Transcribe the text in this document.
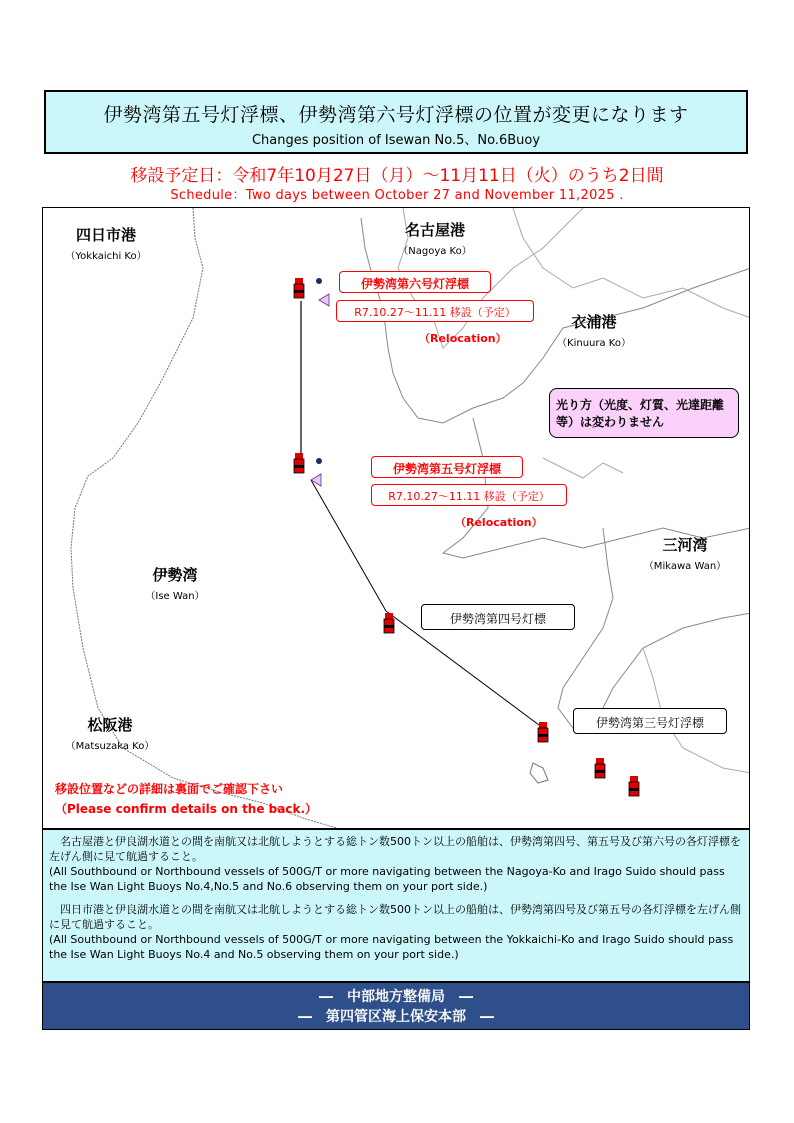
伊勢湾第五号灯浮標、伊勢湾第六号灯浮標の位置が変更になります
Changes position of Isewan No.5、No.6Buoy
移設予定日：令和7年10月27日（月）～11月11日（火）のうち2日間
Schedule：Two days between October 27 and November 11,2025 .
四日市港
（Yokkaichi Ko）
名古屋港
（Nagoya Ko）
衣浦港
（Kinuura Ko）
伊勢湾
（Ise Wan）
三河湾
（Mikawa Wan）
松阪港
（Matsuzaka Ko）
伊勢湾第六号灯浮標
R7.10.27～11.11 移設（予定）
（Relocation）
伊勢湾第五号灯浮標
R7.10.27～11.11 移設（予定）
（Relocation）
光り方（光度、灯質、光達距離等）は変わりません
伊勢湾第四号灯標
伊勢湾第三号灯浮標
移設位置などの詳細は裏面でご確認下さい
（Please confirm details on the back.）

　名古屋港と伊良湖水道との間を南航又は北航しようとする総トン数500トン以上の船舶は、伊勢湾第四号、第五号及び第六号の各灯浮標を左げん側に見て航過すること。

(All Southbound or Northbound vessels of 500G/T or more navigating between the Nagoya-Ko and Irago Suido should pass the Ise Wan Light Buoys No.4,No.5 and No.6 observing them on your port side.)

　四日市港と伊良湖水道との間を南航又は北航しようとする総トン数500トン以上の船舶は、伊勢湾第四号及び第五号の各灯浮標を左げん側に見て航過すること。

(All Southbound or Northbound vessels of 500G/T or more navigating between the Yokkaichi-Ko and Irago Suido should pass the Ise Wan Light Buoys No.4 and No.5 observing them on your port side.)

―　中部地方整備局　―
―　第四管区海上保安本部　―
